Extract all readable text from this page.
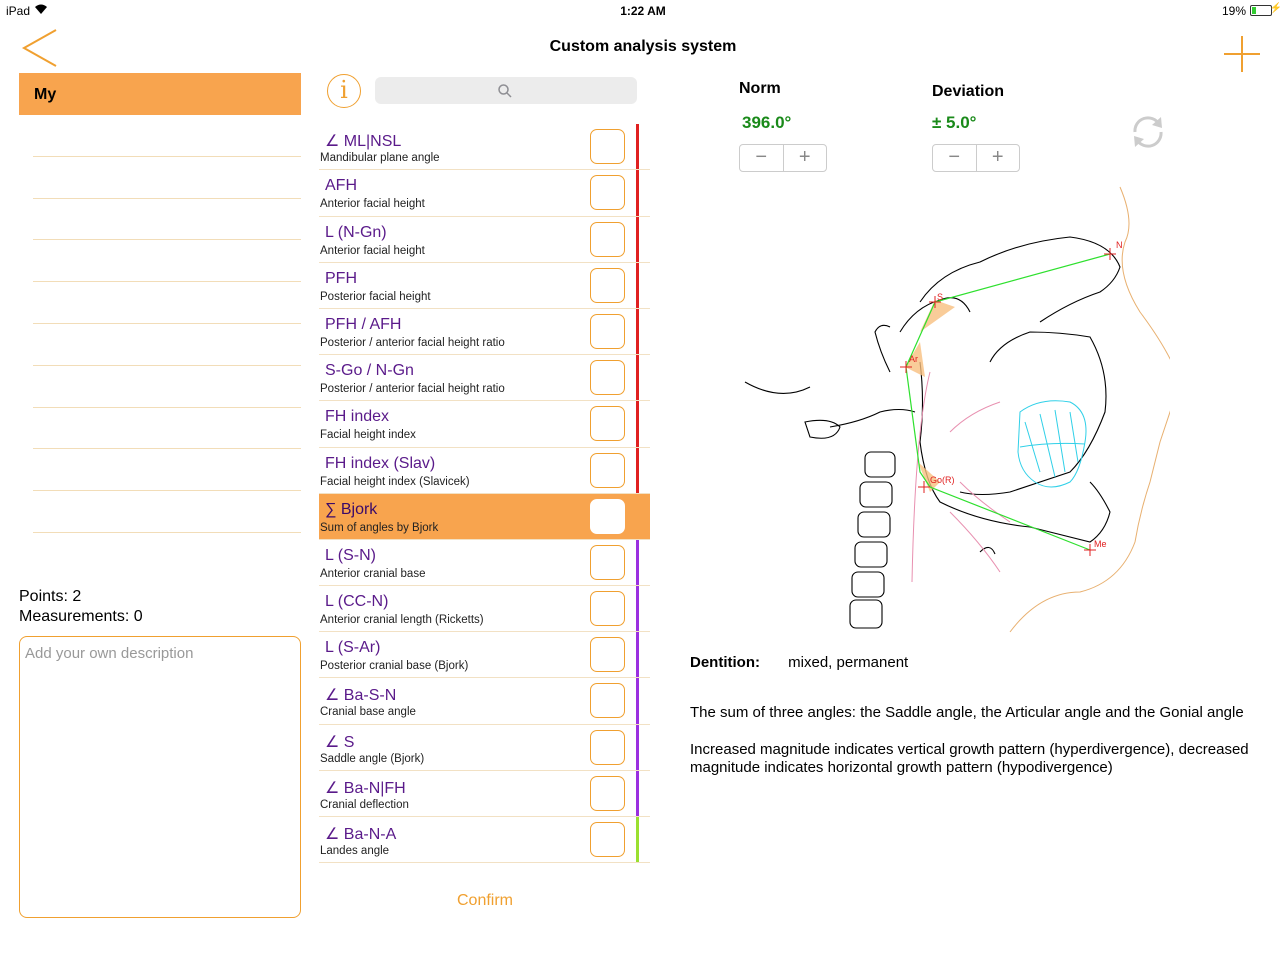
iPad	1:22 AM	19% ⚡
Custom analysis system
My
Points: 2
Measurements: 0
Add your own description
i
∠ ML|NSL
Mandibular plane angle
AFH
Anterior facial height
L (N-Gn)
Anterior facial height
PFH
Posterior facial height
PFH / AFH
Posterior / anterior facial height ratio
S-Go / N-Gn
Posterior / anterior facial height ratio
FH index
Facial height index
FH index (Slav)
Facial height index (Slavicek)
∑ Bjork
Sum of angles by Bjork
L (S-N)
Anterior cranial base
L (CC-N)
Anterior cranial length (Ricketts)
L (S-Ar)
Posterior cranial base (Bjork)
∠ Ba-S-N
Cranial base angle
∠ S
Saddle angle (Bjork)
∠ Ba-N|FH
Cranial deflection
∠ Ba-N-A
Landes angle
Confirm
Norm
396.0°
−	+
Deviation
± 5.0°
−	+
N
S
Ar
Go(R)
Me
Dentition: mixed, permanent
The sum of three angles: the Saddle angle, the Articular angle and the Gonial angle
Increased magnitude indicates vertical growth pattern (hyperdivergence), decreased magnitude indicates horizontal growth pattern (hypodivergence)
